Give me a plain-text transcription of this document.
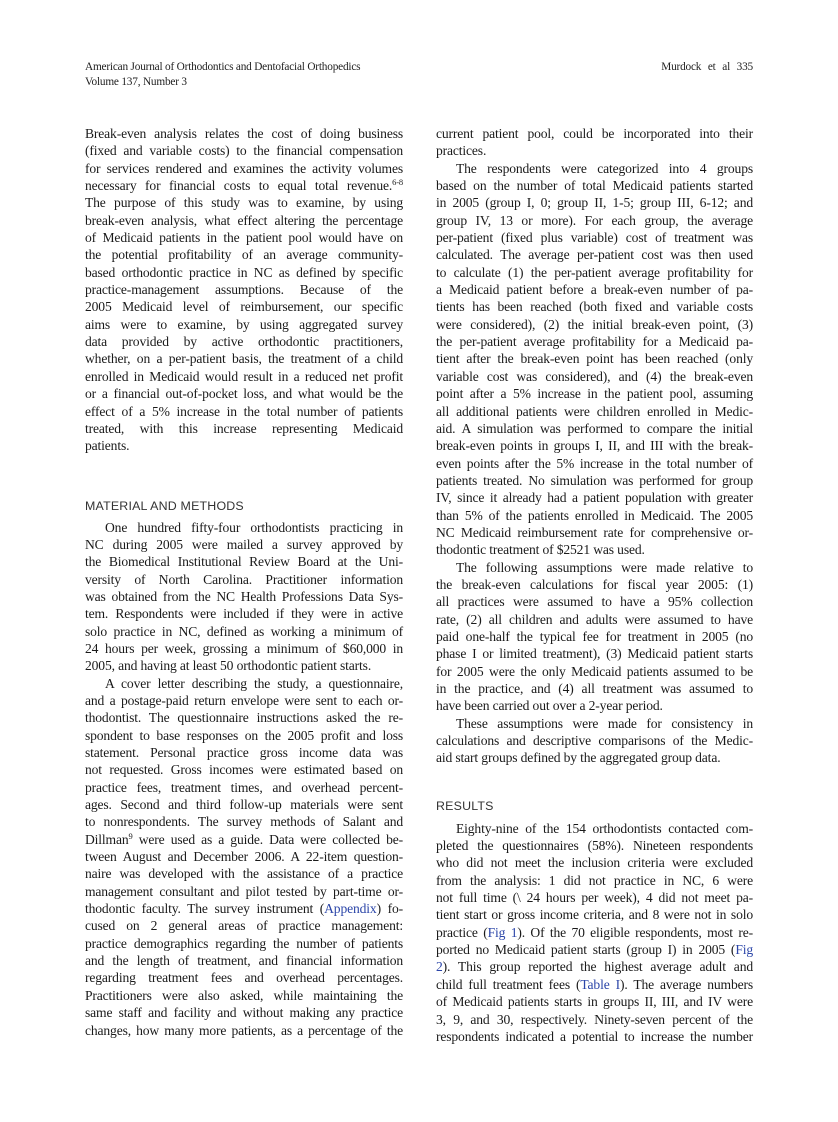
American Journal of Orthodontics and Dentofacial Orthopedics
Volume 137, Number 3
Murdock et al 335
Break-even analysis relates the cost of doing business
(fixed and variable costs) to the financial compensation
for services rendered and examines the activity volumes
necessary for financial costs to equal total revenue.$^{6-8}$
The purpose of this study was to examine, by using
break-even analysis, what effect altering the percentage
of Medicaid patients in the patient pool would have on
the potential profitability of an average community-
based orthodontic practice in NC as defined by specific
practice-management assumptions. Because of the
2005 Medicaid level of reimbursement, our specific
aims were to examine, by using aggregated survey
data provided by active orthodontic practitioners,
whether, on a per-patient basis, the treatment of a child
enrolled in Medicaid would result in a reduced net profit
or a financial out-of-pocket loss, and what would be the
effect of a 5% increase in the total number of patients
treated, with this increase representing Medicaid
patients.
MATERIAL AND METHODS
One hundred fifty-four orthodontists practicing in
NC during 2005 were mailed a survey approved by
the Biomedical Institutional Review Board at the Uni-
versity of North Carolina. Practitioner information
was obtained from the NC Health Professions Data Sys-
tem. Respondents were included if they were in active
solo practice in NC, defined as working a minimum of
24 hours per week, grossing a minimum of $60,000 in
2005, and having at least 50 orthodontic patient starts.
A cover letter describing the study, a questionnaire,
and a postage-paid return envelope were sent to each or-
thodontist. The questionnaire instructions asked the re-
spondent to base responses on the 2005 profit and loss
statement. Personal practice gross income data was
not requested. Gross incomes were estimated based on
practice fees, treatment times, and overhead percent-
ages. Second and third follow-up materials were sent
to nonrespondents. The survey methods of Salant and
Dillman$^9$ were used as a guide. Data were collected be-
tween August and December 2006. A 22-item question-
naire was developed with the assistance of a practice
management consultant and pilot tested by part-time or-
thodontic faculty. The survey instrument (Appendix) fo-
cused on 2 general areas of practice management:
practice demographics regarding the number of patients
and the length of treatment, and financial information
regarding treatment fees and overhead percentages.
Practitioners were also asked, while maintaining the
same staff and facility and without making any practice
changes, how many more patients, as a percentage of the
current patient pool, could be incorporated into their
practices.
The respondents were categorized into 4 groups
based on the number of total Medicaid patients started
in 2005 (group I, 0; group II, 1-5; group III, 6-12; and
group IV, 13 or more). For each group, the average
per-patient (fixed plus variable) cost of treatment was
calculated. The average per-patient cost was then used
to calculate (1) the per-patient average profitability for
a Medicaid patient before a break-even number of pa-
tients has been reached (both fixed and variable costs
were considered), (2) the initial break-even point, (3)
the per-patient average profitability for a Medicaid pa-
tient after the break-even point has been reached (only
variable cost was considered), and (4) the break-even
point after a 5% increase in the patient pool, assuming
all additional patients were children enrolled in Medic-
aid. A simulation was performed to compare the initial
break-even points in groups I, II, and III with the break-
even points after the 5% increase in the total number of
patients treated. No simulation was performed for group
IV, since it already had a patient population with greater
than 5% of the patients enrolled in Medicaid. The 2005
NC Medicaid reimbursement rate for comprehensive or-
thodontic treatment of $2521 was used.
The following assumptions were made relative to
the break-even calculations for fiscal year 2005: (1)
all practices were assumed to have a 95% collection
rate, (2) all children and adults were assumed to have
paid one-half the typical fee for treatment in 2005 (no
phase I or limited treatment), (3) Medicaid patient starts
for 2005 were the only Medicaid patients assumed to be
in the practice, and (4) all treatment was assumed to
have been carried out over a 2-year period.
These assumptions were made for consistency in
calculations and descriptive comparisons of the Medic-
aid start groups defined by the aggregated group data.
RESULTS
Eighty-nine of the 154 orthodontists contacted com-
pleted the questionnaires (58%). Nineteen respondents
who did not meet the inclusion criteria were excluded
from the analysis: 1 did not practice in NC, 6 were
not full time (\ 24 hours per week), 4 did not meet pa-
tient start or gross income criteria, and 8 were not in solo
practice (Fig 1). Of the 70 eligible respondents, most re-
ported no Medicaid patient starts (group I) in 2005 (Fig
2). This group reported the highest average adult and
child full treatment fees (Table I). The average numbers
of Medicaid patients starts in groups II, III, and IV were
3, 9, and 30, respectively. Ninety-seven percent of the
respondents indicated a potential to increase the number
